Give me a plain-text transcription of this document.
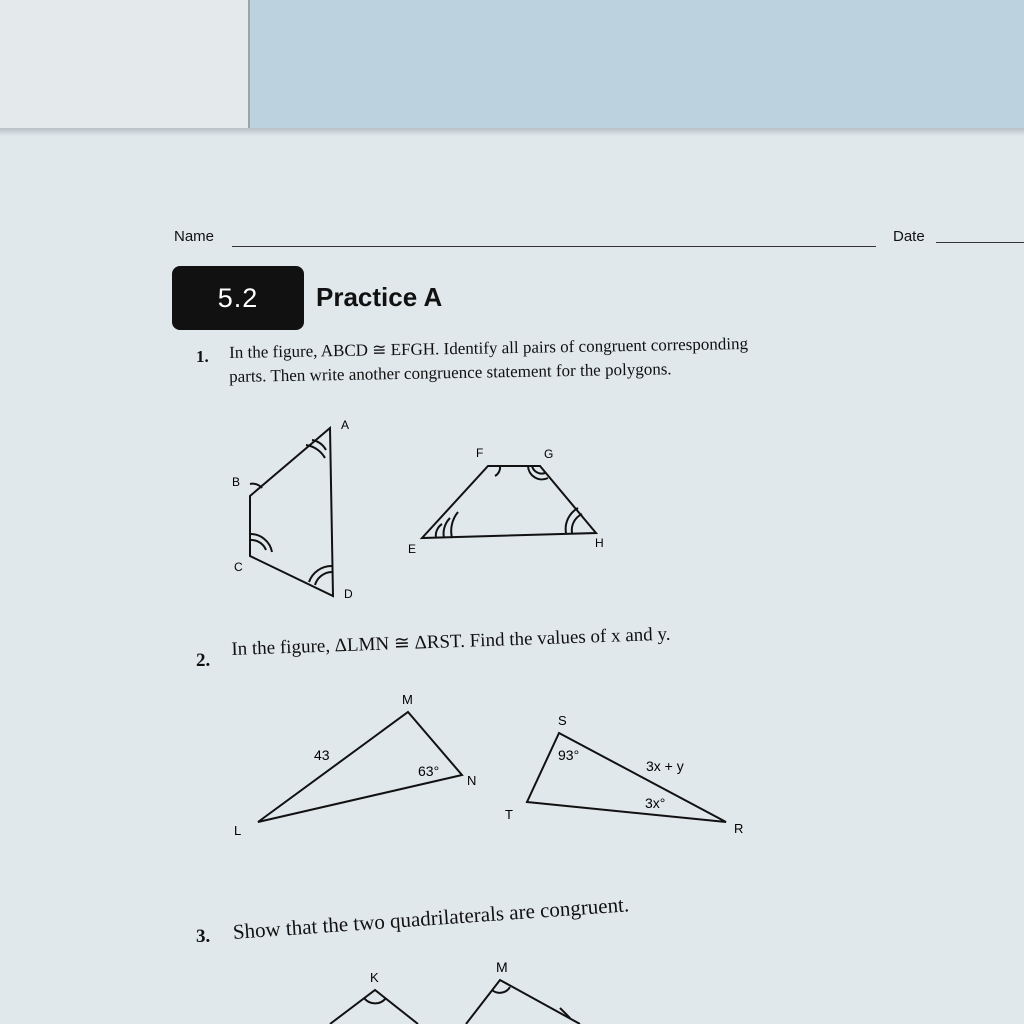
Name	Date
5.2	Practice A
1. In the figure, ABCD ≅ EFGH. Identify all pairs of congruent corresponding
parts. Then write another congruence statement for the polygons.
A
B
C
D
F	G
E	H
M
L
N
43
63°
S
T
R
93°
3x + y
3x°
K
M
2.
In the figure, ΔLMN ≅ ΔRST. Find the values of x and y.
3. Show that the two quadrilaterals are congruent.
